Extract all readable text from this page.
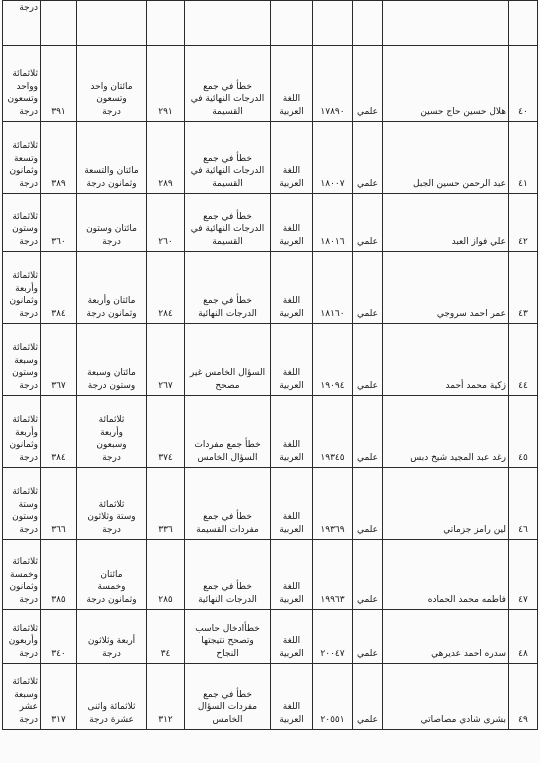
درجة									

ثلاثمائة
وواحد
وتسعون
درجة	٣٩١	مائتان واحد
وتسعون
درجة	٢٩١	خطأ في جمع
الدرجات النهائية في
القسيمة	اللغة
العربية	١٧٨٩٠	علمي	هلال حسين حاج حسين	٤٠

ثلاثمائة
وتسعة
وثمانون
درجة	٣٨٩	مائتان والتسعة
وثمانون درجة	٢٨٩	خطأ في جمع
الدرجات النهائية في
القسيمة	اللغة
العربية	١٨٠٠٧	علمي	عبد الرحمن حسين الجبل	٤١

ثلاثمائة
وستون
درجة	٣٦٠	مائتان وستون
درجة	٢٦٠	خطأ في جمع
الدرجات النهائية في
القسيمة	اللغة
العربية	١٨٠١٦	علمي	علي فواز العبد	٤٢

ثلاثمائة
وأربعة
وثمانون
درجة	٣٨٤	مائتان وأربعة
وثمانون درجة	٢٨٤	خطأ في جمع
الدرجات النهائية	اللغة
العربية	١٨١٦٠	علمي	عمر احمد سروجي	٤٣

ثلاثمائة
وسبعة
وستون
درجة	٣٦٧	مائتان وسبعة
وستون درجة	٢٦٧	السؤال الخامس غير
مصحح	اللغة
العربية	١٩٠٩٤	علمي	زكية محمد أحمد	٤٤

ثلاثمائة
وأربعة
وثمانون
درجة	٣٨٤	ثلاثمائة
وأربعة
وسبعون
درجة	٣٧٤	خطأ جمع مفردات
السؤال الخامس	اللغة
العربية	١٩٣٤٥	علمي	رغد عبد المجيد شيخ دبس	٤٥

ثلاثمائة
وستة
وستون
درجة	٣٦٦	ثلاثمائة
وستة وثلاثون
درجة	٣٣٦	خطأ في جمع
مفردات القسيمة	اللغة
العربية	١٩٣٦٩	علمي	لين رامز جزماتي	٤٦

ثلاثمائة
وخمسة
وثمانون
درجة	٣٨٥	مائتان
وخمسة
وثمانون درجة	٢٨٥	خطأ في جمع
الدرجات النهائية	اللغة
العربية	١٩٩٦٣	علمي	فاطمه محمد الحماده	٤٧

ثلاثمائة
وأربعون
درجة	٣٤٠	أربعة وثلاثون
درجة	٣٤	خطأادخال حاسب
وتصحح نتيجتها
النجاح	اللغة
العربية	٢٠٠٤٧	علمي	سدره احمد عديرهي	٤٨

ثلاثمائة
وسبعة
عشر درجة	٣١٧	ثلاثمائة واثنى
عشرة درجة	٣١٢	خطأ في جمع
مفردات السؤال
الخامس	اللغة
العربية	٢٠٥٥١	علمي	بشرى شادي مصاصاتي	٤٩
